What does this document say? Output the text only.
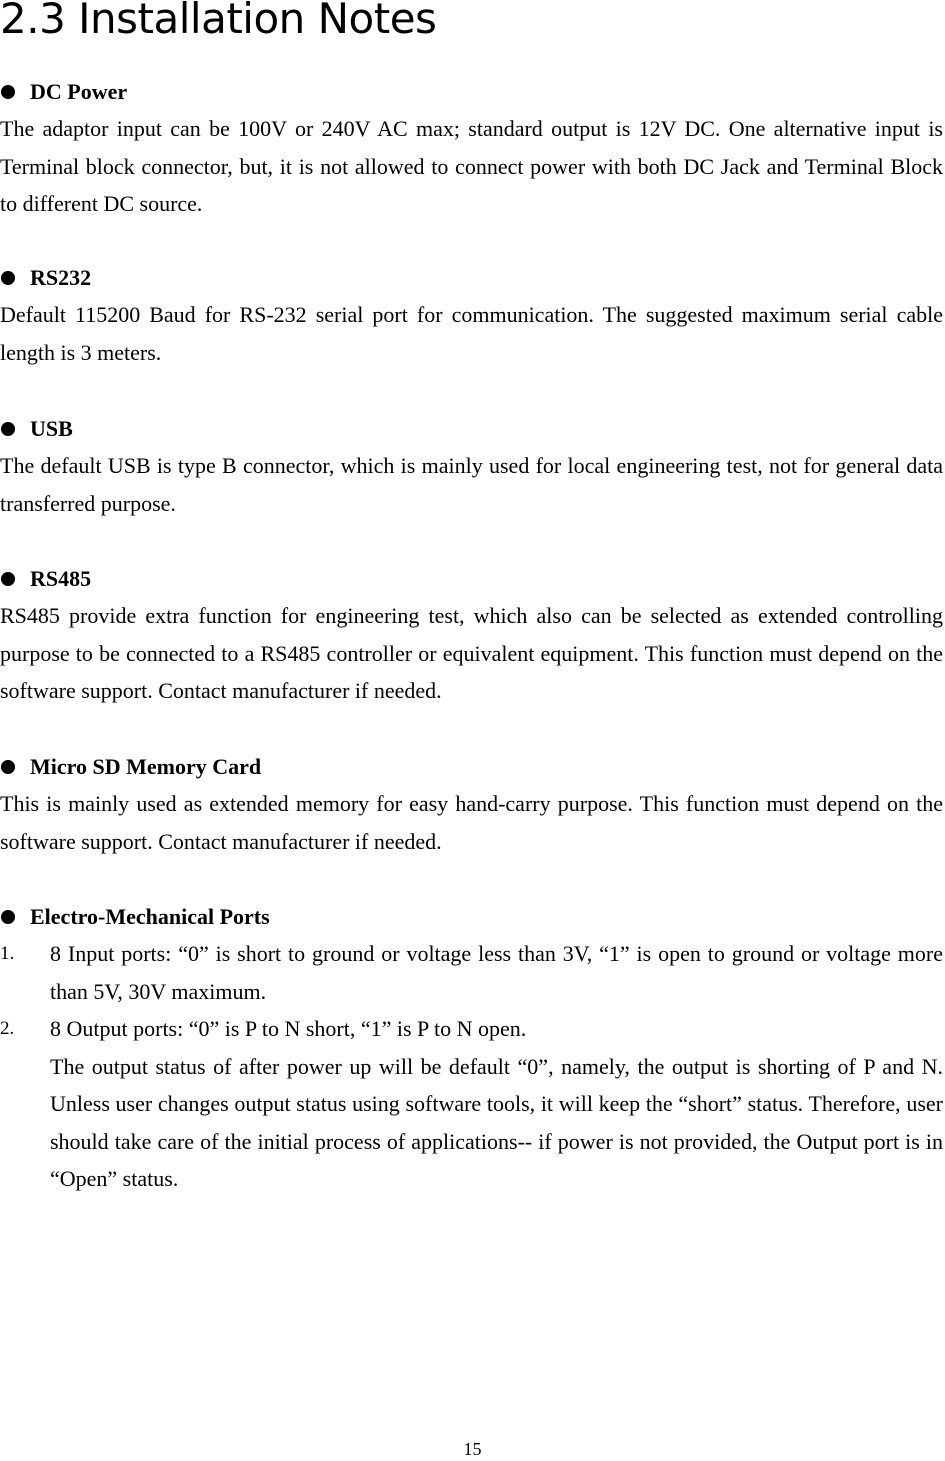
2.3 Installation Notes
DC Power

The adaptor input can be 100V or 240V AC max; standard output is 12V DC. One alternative input is Terminal block connector, but, it is not allowed to connect power with both DC Jack and Terminal Block to different DC source.

RS232

Default 115200 Baud for RS-232 serial port for communication. The suggested maximum serial cable length is 3 meters.

USB

The default USB is type B connector, which is mainly used for local engineering test, not for general data transferred purpose.

RS485

RS485 provide extra function for engineering test, which also can be selected as extended controlling purpose to be connected to a RS485 controller or equivalent equipment. This function must depend on the software support. Contact manufacturer if needed.

Micro SD Memory Card

This is mainly used as extended memory for easy hand-carry purpose. This function must depend on the software support. Contact manufacturer if needed.

Electro-Mechanical Ports
1. 8 Input ports: “0” is short to ground or voltage less than 3V, “1” is open to ground or voltage more than 5V, 30V maximum.
2. 8 Output ports: “0” is P to N short, “1” is P to N open.
The output status of after power up will be default “0”, namely, the output is shorting of P and N. Unless user changes output status using software tools, it will keep the “short” status. Therefore, user should take care of the initial process of applications-- if power is not provided, the Output port is in “Open” status.
15
